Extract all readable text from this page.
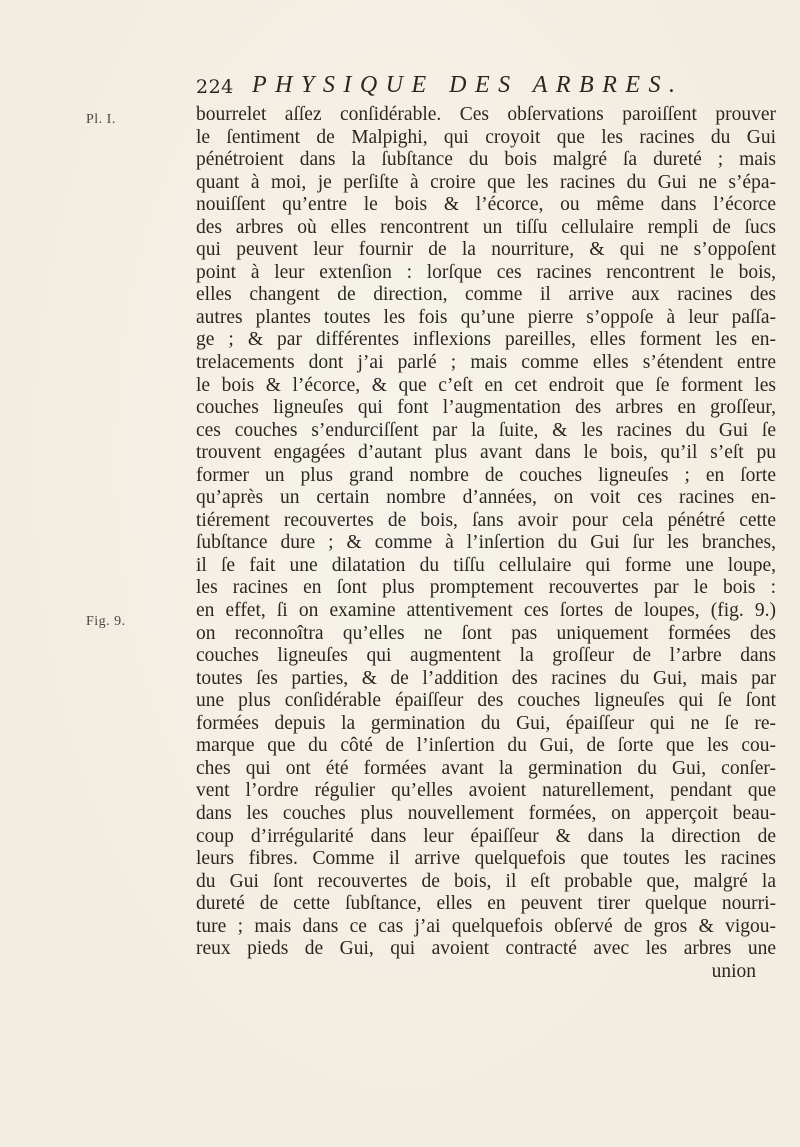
224 PHYSIQUE DES ARBRES.
Pl. I.
Fig. 9.
bourrelet aſſez conſidérable. Ces obſervations paroiſſent prouver
le ſentiment de Malpighi, qui croyoit que les racines du Gui
pénétroient dans la ſubſtance du bois malgré ſa dureté ; mais
quant à moi, je perſiſte à croire que les racines du Gui ne s’épa-
nouiſſent qu’entre le bois & l’écorce, ou même dans l’écorce
des arbres où elles rencontrent un tiſſu cellulaire rempli de ſucs
qui peuvent leur fournir de la nourriture, & qui ne s’oppoſent
point à leur extenſion : lorſque ces racines rencontrent le bois,
elles changent de direction, comme il arrive aux racines des
autres plantes toutes les fois qu’une pierre s’oppoſe à leur paſſa-
ge ; & par différentes inflexions pareilles, elles forment les en-
trelacements dont j’ai parlé ; mais comme elles s’étendent entre
le bois & l’écorce, & que c’eſt en cet endroit que ſe forment les
couches ligneuſes qui font l’augmentation des arbres en groſſeur,
ces couches s’endurciſſent par la ſuite, & les racines du Gui ſe
trouvent engagées d’autant plus avant dans le bois, qu’il s’eſt pu
former un plus grand nombre de couches ligneuſes ; en ſorte
qu’après un certain nombre d’années, on voit ces racines en-
tiérement recouvertes de bois, ſans avoir pour cela pénétré cette
ſubſtance dure ; & comme à l’inſertion du Gui ſur les branches,
il ſe fait une dilatation du tiſſu cellulaire qui forme une loupe,
les racines en ſont plus promptement recouvertes par le bois :
en effet, ſi on examine attentivement ces ſortes de loupes, (fig. 9.)
on reconnoîtra qu’elles ne ſont pas uniquement formées des
couches ligneuſes qui augmentent la groſſeur de l’arbre dans
toutes ſes parties, & de l’addition des racines du Gui, mais par
une plus conſidérable épaiſſeur des couches ligneuſes qui ſe ſont
formées depuis la germination du Gui, épaiſſeur qui ne ſe re-
marque que du côté de l’inſertion du Gui, de ſorte que les cou-
ches qui ont été formées avant la germination du Gui, conſer-
vent l’ordre régulier qu’elles avoient naturellement, pendant que
dans les couches plus nouvellement formées, on apperçoit beau-
coup d’irrégularité dans leur épaiſſeur & dans la direction de
leurs fibres. Comme il arrive quelquefois que toutes les racines
du Gui ſont recouvertes de bois, il eſt probable que, malgré la
dureté de cette ſubſtance, elles en peuvent tirer quelque nourri-
ture ; mais dans ce cas j’ai quelquefois obſervé de gros & vigou-
reux pieds de Gui, qui avoient contracté avec les arbres une
union
